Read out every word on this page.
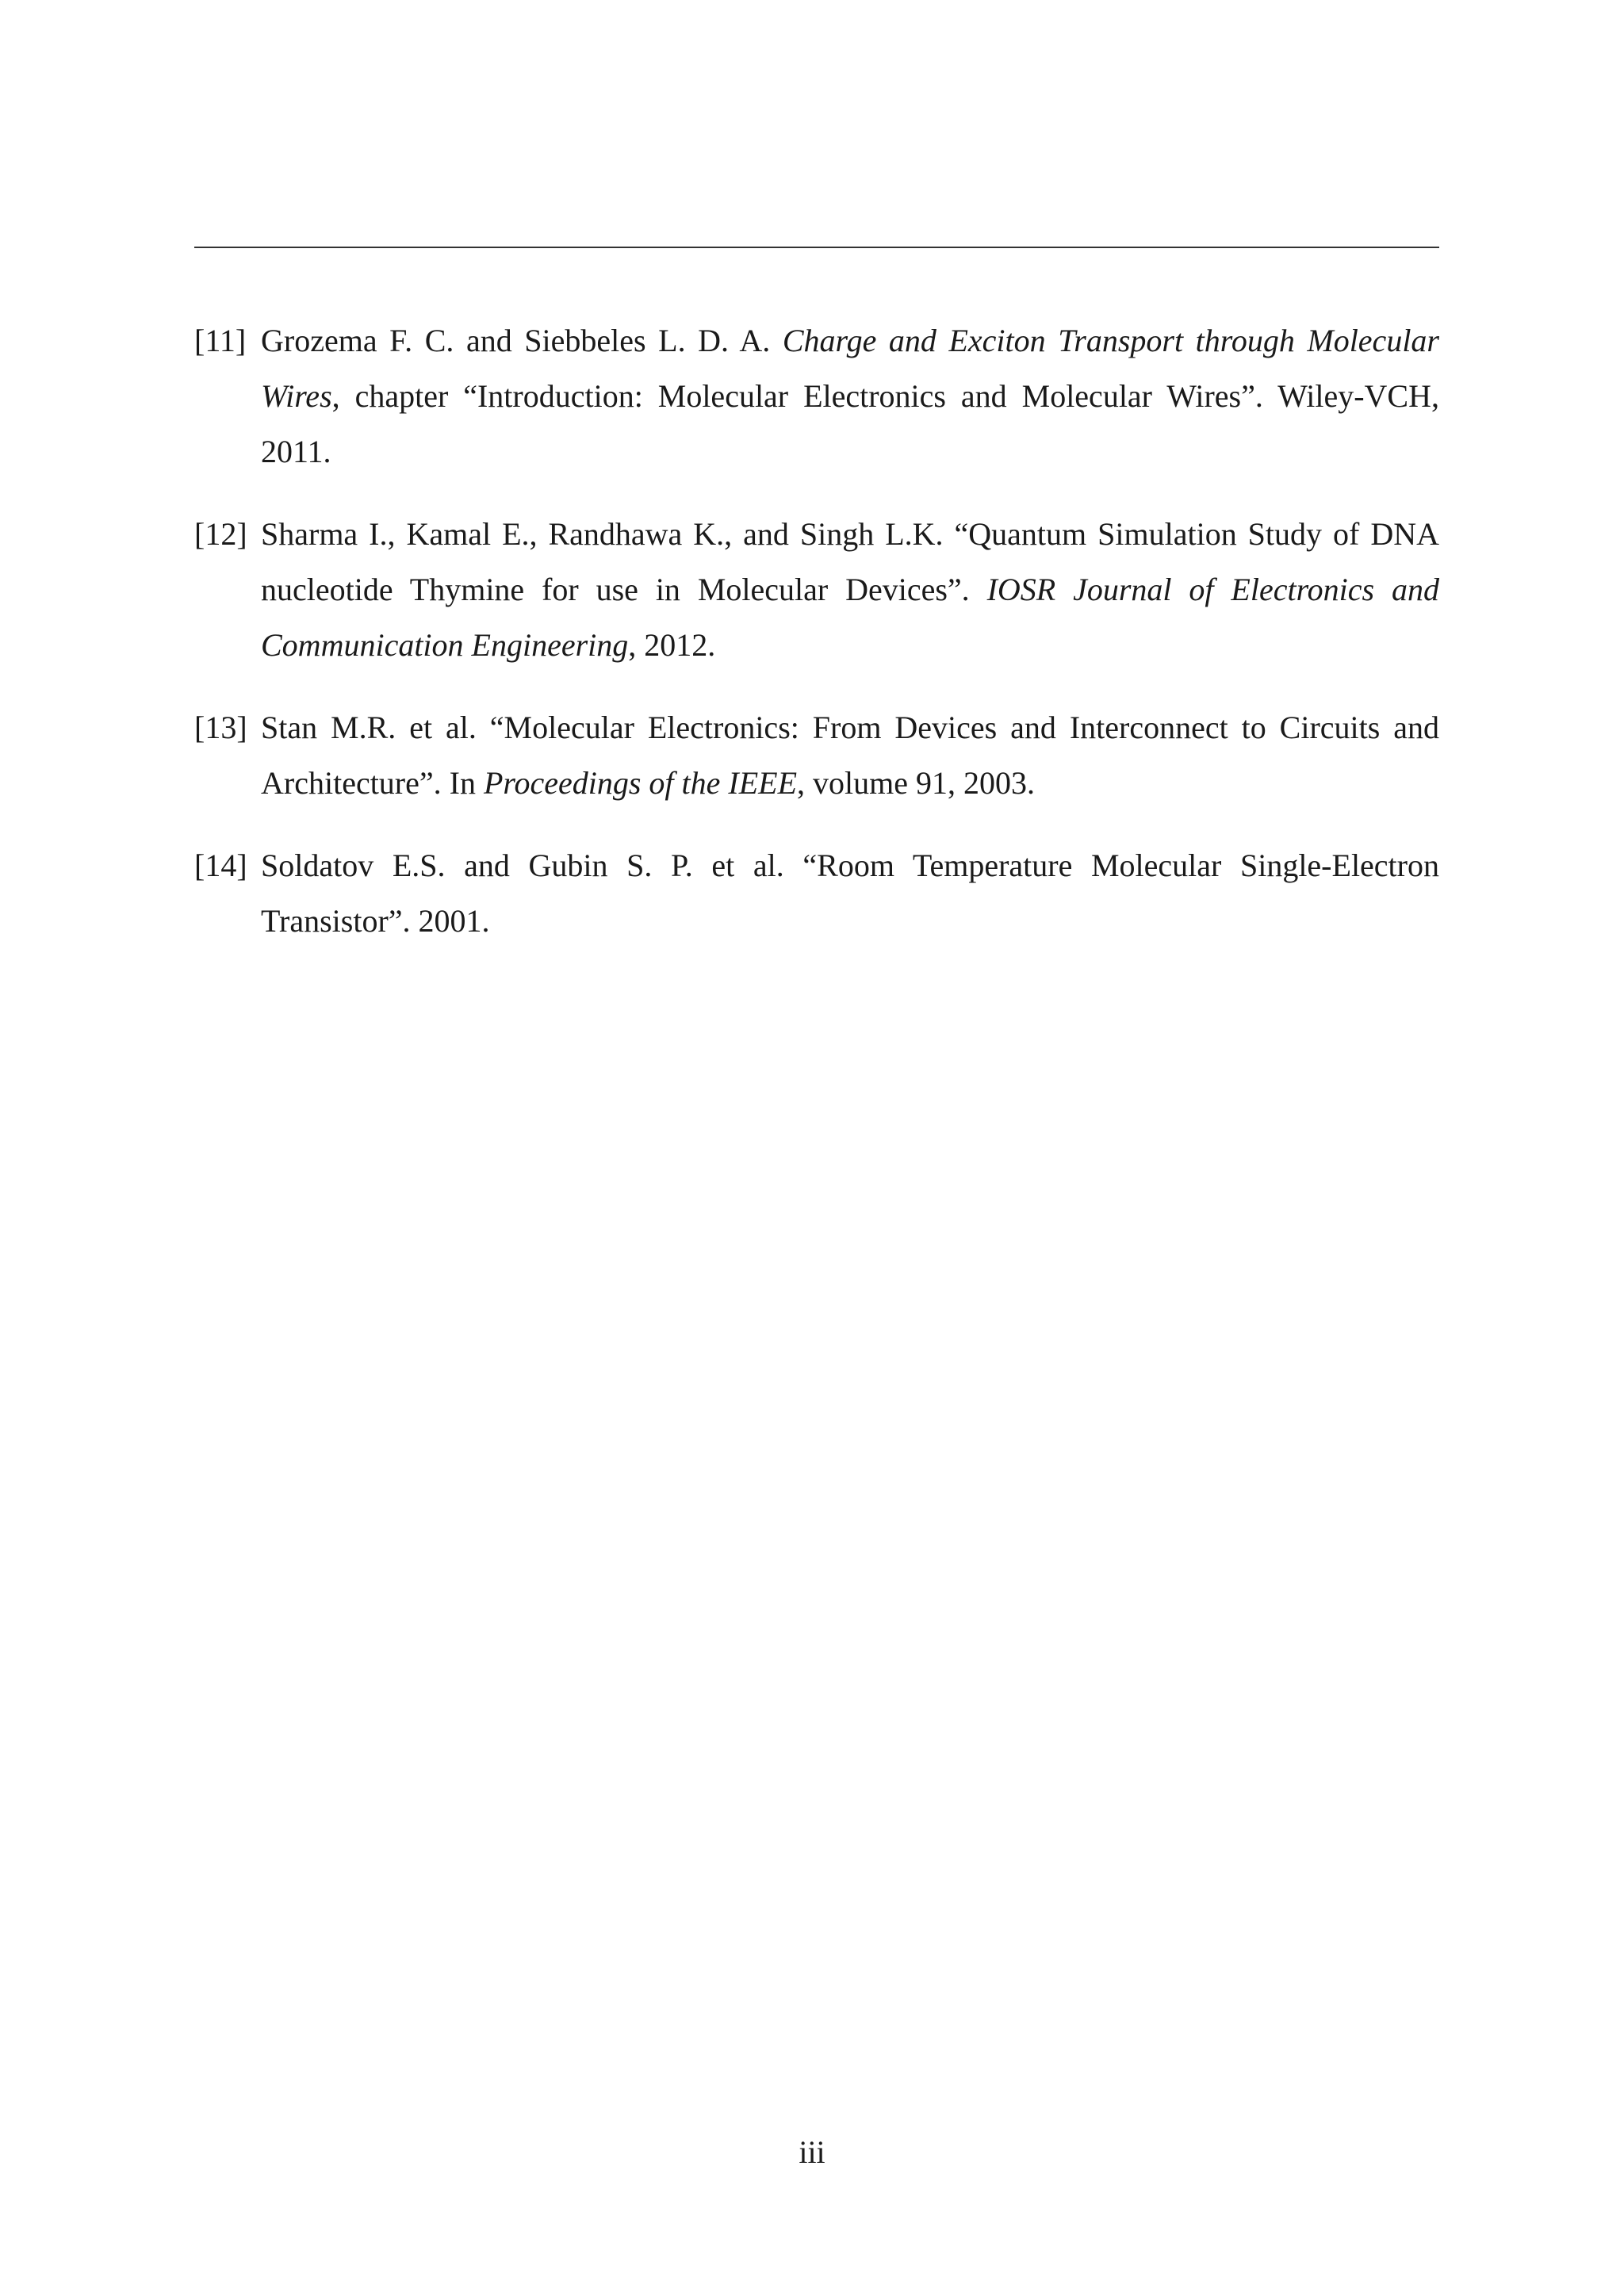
[11] Grozema F. C. and Siebbeles L. D. A. Charge and Exciton Transport through Molecular Wires, chapter “Introduction: Molecular Electronics and Molecular Wires”. Wiley-VCH, 2011.
[12] Sharma I., Kamal E., Randhawa K., and Singh L.K. “Quantum Simulation Study of DNA nucleotide Thymine for use in Molecular Devices”. IOSR Journal of Electronics and Communication Engineering, 2012.
[13] Stan M.R. et al. “Molecular Electronics: From Devices and Interconnect to Circuits and Architecture”. In Proceedings of the IEEE, volume 91, 2003.
[14] Soldatov E.S. and Gubin S. P. et al. “Room Temperature Molecular Single-Electron Transistor”. 2001.
iii
